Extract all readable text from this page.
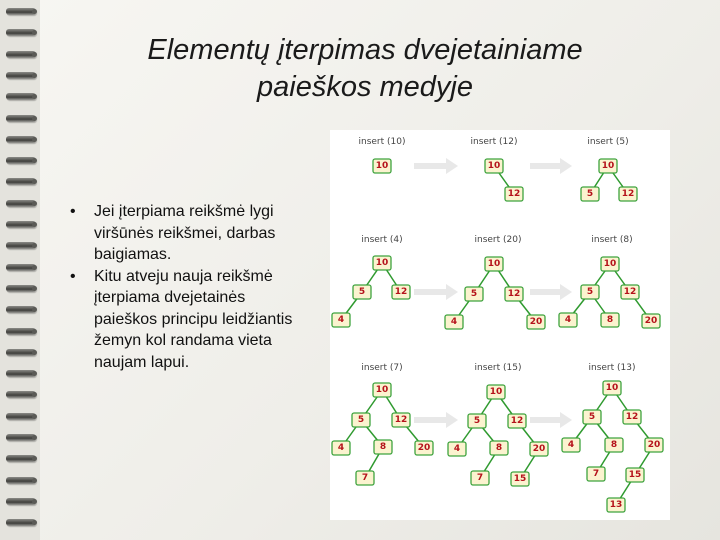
Elementų įterpimas dvejetainiame
paieškos medyje
• Jei įterpiama reikšmė lygi viršūnės reikšmei, darbas baigiamas.
• Kitu atveju nauja reikšmė įterpiama dvejetainės paieškos principu leidžiantis žemyn kol randama vieta naujam lapui.
insert (10)
10
insert (12)
10
12
insert (5)
10
5	12
insert (4)
10
5	12
4
insert (20)
10
5	12
4	20
insert (8)
10
5	12
4	8	20
insert (7)
10
5	12
4	8	20
7
insert (15)
10
5	12
4	8	20
7	15
insert (13)
10
5	12
4	8	20
7	15
13
